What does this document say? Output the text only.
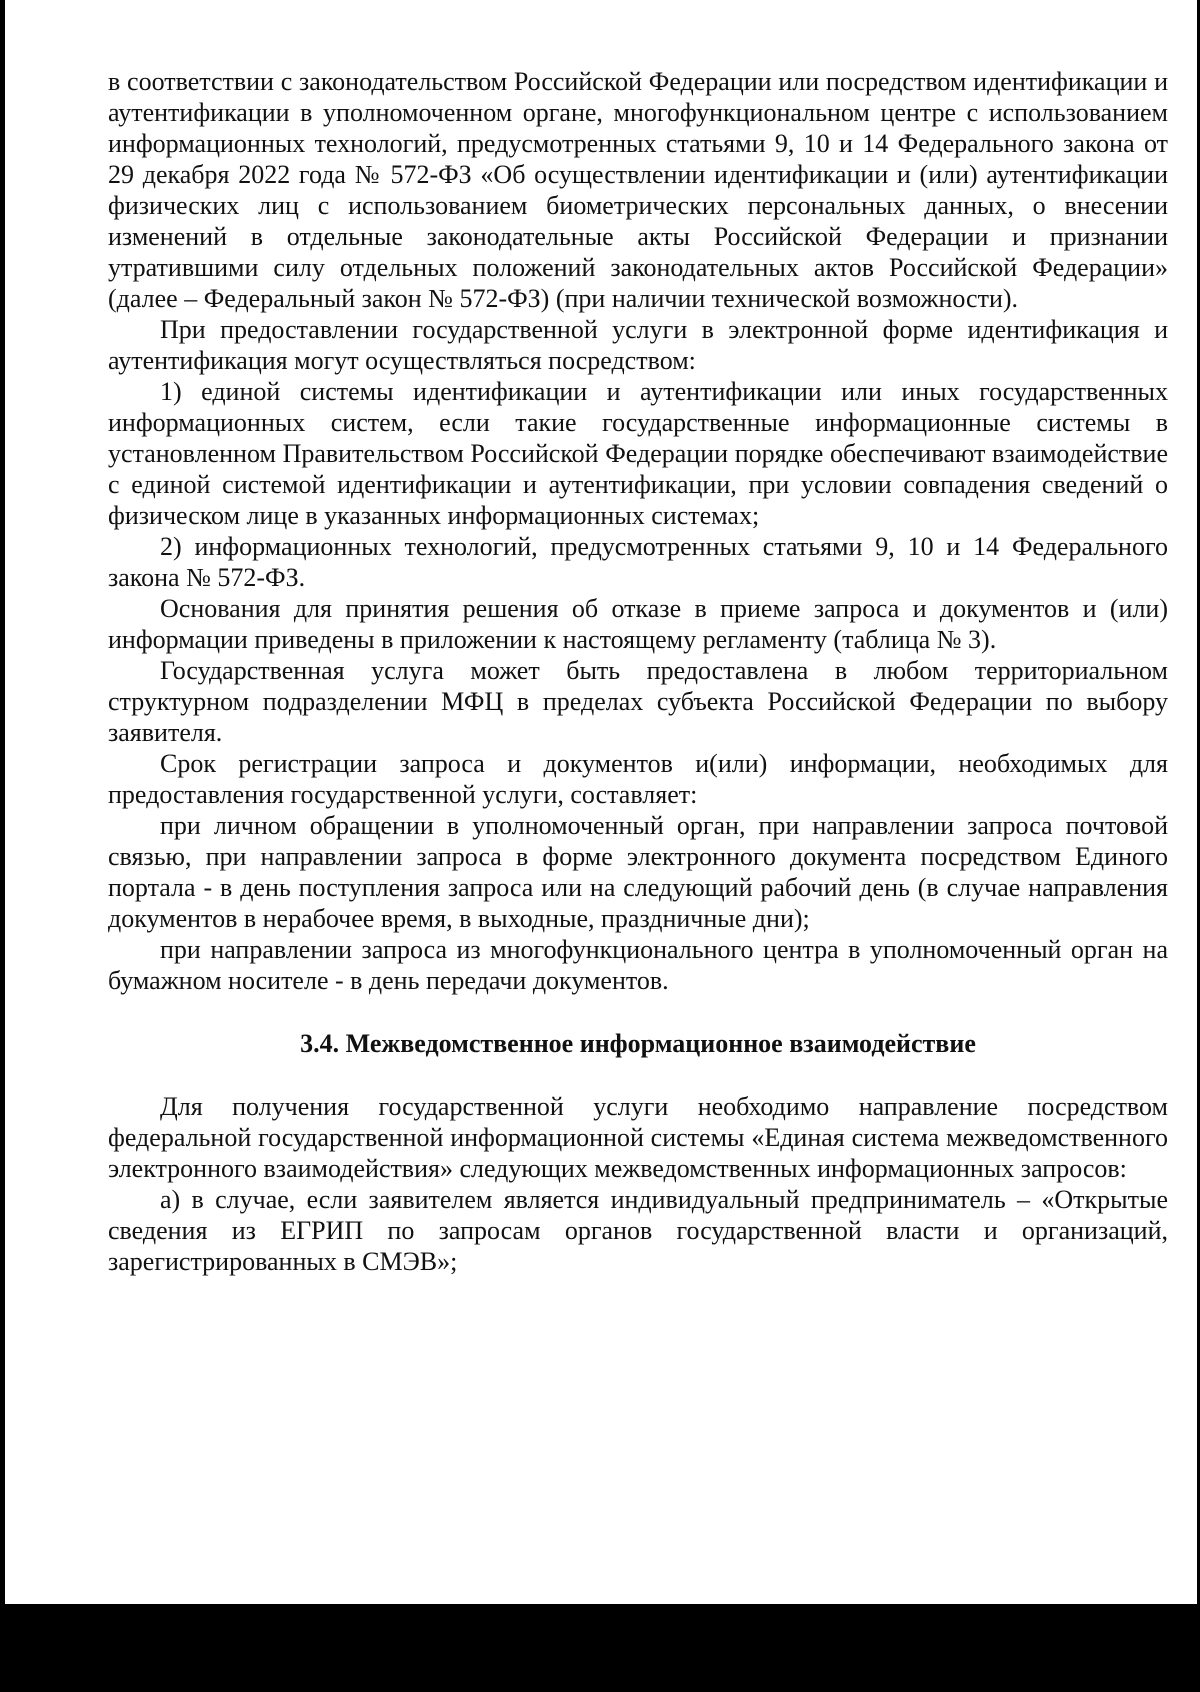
в соответствии с законодательством Российской Федерации или посредством идентификации и аутентификации в уполномоченном органе, многофункциональном центре с использованием информационных технологий, предусмотренных статьями 9, 10 и 14 Федерального закона от 29 декабря 2022 года № 572-ФЗ «Об осуществлении идентификации и (или) аутентификации физических лиц с использованием биометрических персональных данных, о внесении изменений в отдельные законодательные акты Российской Федерации и признании утратившими силу отдельных положений законодательных актов Российской Федерации» (далее – Федеральный закон № 572-ФЗ) (при наличии технической возможности).

При предоставлении государственной услуги в электронной форме идентификация и аутентификация могут осуществляться посредством:

1) единой системы идентификации и аутентификации или иных государственных информационных систем, если такие государственные информационные системы в установленном Правительством Российской Федерации порядке обеспечивают взаимодействие с единой системой идентификации и аутентификации, при условии совпадения сведений о физическом лице в указанных информационных системах;

2) информационных технологий, предусмотренных статьями 9, 10 и 14 Федерального закона № 572-ФЗ.

Основания для принятия решения об отказе в приеме запроса и документов и (или) информации приведены в приложении к настоящему регламенту (таблица № 3).

Государственная услуга может быть предоставлена в любом территориальном структурном подразделении МФЦ в пределах субъекта Российской Федерации по выбору заявителя.

Срок регистрации запроса и документов и(или) информации, необходимых для предоставления государственной услуги, составляет:

при личном обращении в уполномоченный орган, при направлении запроса почтовой связью, при направлении запроса в форме электронного документа посредством Единого портала - в день поступления запроса или на следующий рабочий день (в случае направления документов в нерабочее время, в выходные, праздничные дни);

при направлении запроса из многофункционального центра в уполномоченный орган на бумажном носителе - в день передачи документов.

3.4. Межведомственное информационное взаимодействие

Для получения государственной услуги необходимо направление посредством федеральной государственной информационной системы «Единая система межведомственного электронного взаимодействия» следующих межведомственных информационных запросов:

а) в случае, если заявителем является индивидуальный предприниматель – «Открытые сведения из ЕГРИП по запросам органов государственной власти и организаций, зарегистрированных в СМЭВ»;
